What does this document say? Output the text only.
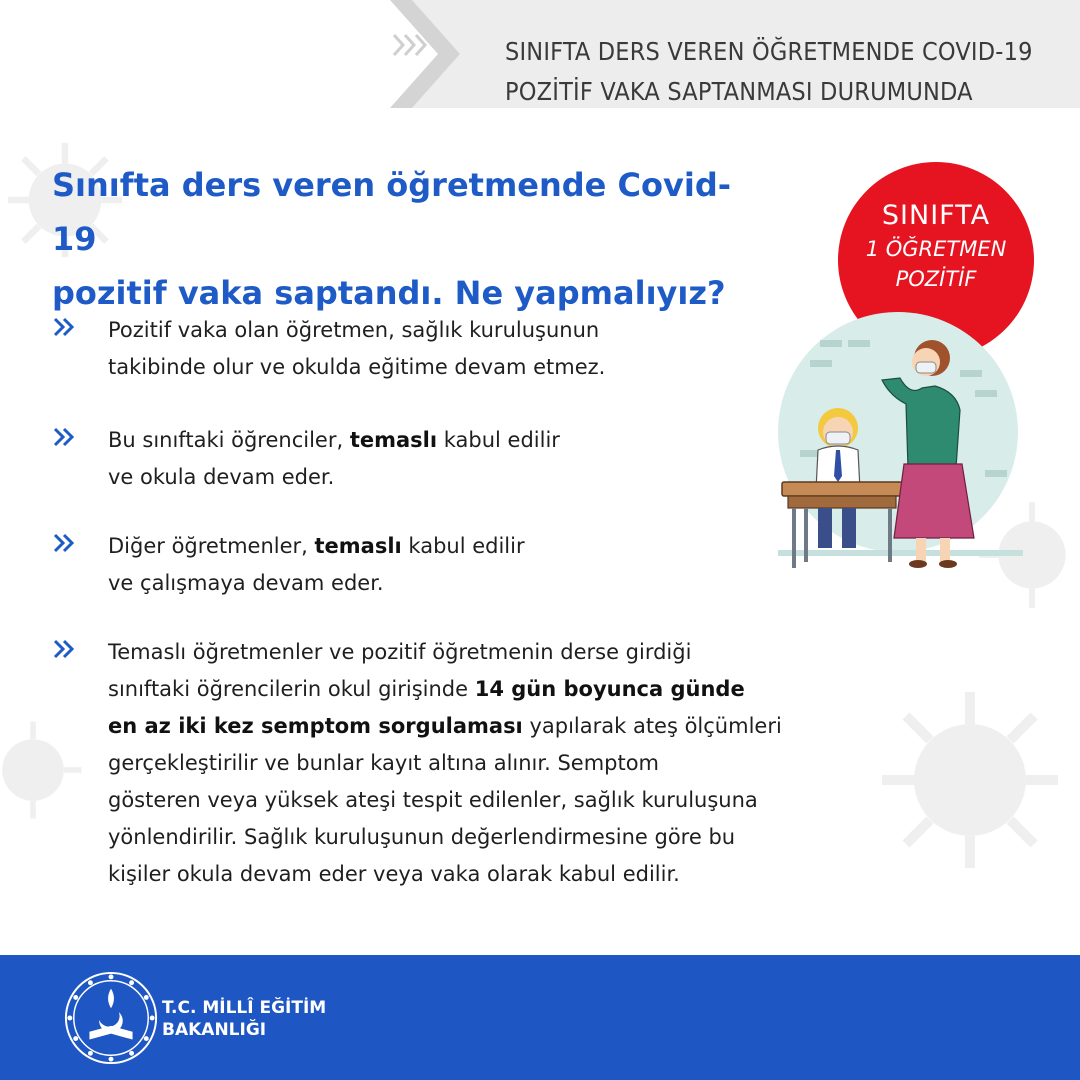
SINIFTA DERS VEREN ÖĞRETMENDE COVID-19
POZİTİF VAKA SAPTANMASI DURUMUNDA
Sınıfta ders veren öğretmende Covid-19
pozitif vaka saptandı. Ne yapmalıyız?
SINIFTA
1 ÖĞRETMEN
POZİTİF
Pozitif vaka olan öğretmen, sağlık kuruluşunun
takibinde olur ve okulda eğitime devam etmez.
Bu sınıftaki öğrenciler, temaslı kabul edilir
ve okula devam eder.
Diğer öğretmenler, temaslı kabul edilir
ve çalışmaya devam eder.
Temaslı öğretmenler ve pozitif öğretmenin derse girdiği
sınıftaki öğrencilerin okul girişinde 14 gün boyunca günde
en az iki kez semptom sorgulaması yapılarak ateş ölçümleri
gerçekleştirilir ve bunlar kayıt altına alınır. Semptom
gösteren veya yüksek ateşi tespit edilenler, sağlık kuruluşuna
yönlendirilir. Sağlık kuruluşunun değerlendirmesine göre bu
kişiler okula devam eder veya vaka olarak kabul edilir.
T.C. MİLLÎ EĞİTİM
BAKANLIĞI
